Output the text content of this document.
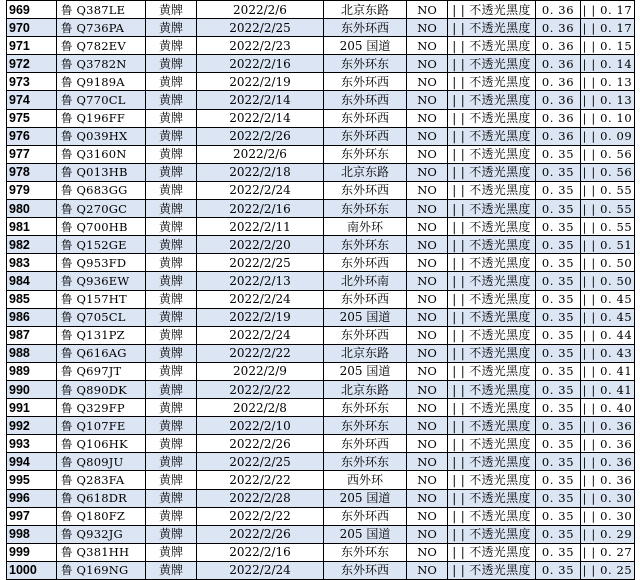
969	鲁 Q387LE	黄牌	2022/2/6	北京东路	NO	| | 不透光黑度	0. 36	| | 0. 17
970	鲁 Q736PA	黄牌	2022/2/25	东外环西	NO	| | 不透光黑度	0. 36	| | 0. 17
971	鲁 Q782EV	黄牌	2022/2/23	205 国道	NO	| | 不透光黑度	0. 36	| | 0. 15
972	鲁 Q3782N	黄牌	2022/2/16	东外环东	NO	| | 不透光黑度	0. 36	| | 0. 14
973	鲁 Q9189A	黄牌	2022/2/19	东外环西	NO	| | 不透光黑度	0. 36	| | 0. 13
974	鲁 Q770CL	黄牌	2022/2/14	东外环西	NO	| | 不透光黑度	0. 36	| | 0. 13
975	鲁 Q196FF	黄牌	2022/2/14	东外环西	NO	| | 不透光黑度	0. 36	| | 0. 10
976	鲁 Q039HX	黄牌	2022/2/26	东外环西	NO	| | 不透光黑度	0. 36	| | 0. 09
977	鲁 Q3160N	黄牌	2022/2/6	东外环东	NO	| | 不透光黑度	0. 35	| | 0. 56
978	鲁 Q013HB	黄牌	2022/2/18	北京东路	NO	| | 不透光黑度	0. 35	| | 0. 56
979	鲁 Q683GG	黄牌	2022/2/24	东外环西	NO	| | 不透光黑度	0. 35	| | 0. 55
980	鲁 Q270GC	黄牌	2022/2/16	东外环东	NO	| | 不透光黑度	0. 35	| | 0. 55
981	鲁 Q700HB	黄牌	2022/2/11	南外环	NO	| | 不透光黑度	0. 35	| | 0. 55
982	鲁 Q152GE	黄牌	2022/2/20	东外环东	NO	| | 不透光黑度	0. 35	| | 0. 51
983	鲁 Q953FD	黄牌	2022/2/25	东外环西	NO	| | 不透光黑度	0. 35	| | 0. 50
984	鲁 Q936EW	黄牌	2022/2/13	北外环南	NO	| | 不透光黑度	0. 35	| | 0. 50
985	鲁 Q157HT	黄牌	2022/2/24	东外环西	NO	| | 不透光黑度	0. 35	| | 0. 45
986	鲁 Q705CL	黄牌	2022/2/19	205 国道	NO	| | 不透光黑度	0. 35	| | 0. 45
987	鲁 Q131PZ	黄牌	2022/2/24	东外环西	NO	| | 不透光黑度	0. 35	| | 0. 44
988	鲁 Q616AG	黄牌	2022/2/22	北京东路	NO	| | 不透光黑度	0. 35	| | 0. 43
989	鲁 Q697JT	黄牌	2022/2/9	205 国道	NO	| | 不透光黑度	0. 35	| | 0. 41
990	鲁 Q890DK	黄牌	2022/2/22	北京东路	NO	| | 不透光黑度	0. 35	| | 0. 41
991	鲁 Q329FP	黄牌	2022/2/8	东外环东	NO	| | 不透光黑度	0. 35	| | 0. 40
992	鲁 Q107FE	黄牌	2022/2/10	东外环东	NO	| | 不透光黑度	0. 35	| | 0. 36
993	鲁 Q106HK	黄牌	2022/2/26	东外环西	NO	| | 不透光黑度	0. 35	| | 0. 36
994	鲁 Q809JU	黄牌	2022/2/25	东外环东	NO	| | 不透光黑度	0. 35	| | 0. 36
995	鲁 Q283FA	黄牌	2022/2/22	西外环	NO	| | 不透光黑度	0. 35	| | 0. 36
996	鲁 Q618DR	黄牌	2022/2/28	205 国道	NO	| | 不透光黑度	0. 35	| | 0. 30
997	鲁 Q180FZ	黄牌	2022/2/22	东外环西	NO	| | 不透光黑度	0. 35	| | 0. 30
998	鲁 Q932JG	黄牌	2022/2/26	205 国道	NO	| | 不透光黑度	0. 35	| | 0. 29
999	鲁 Q381HH	黄牌	2022/2/16	东外环东	NO	| | 不透光黑度	0. 35	| | 0. 27
1000	鲁 Q169NG	黄牌	2022/2/24	东外环西	NO	| | 不透光黑度	0. 35	| | 0. 25
